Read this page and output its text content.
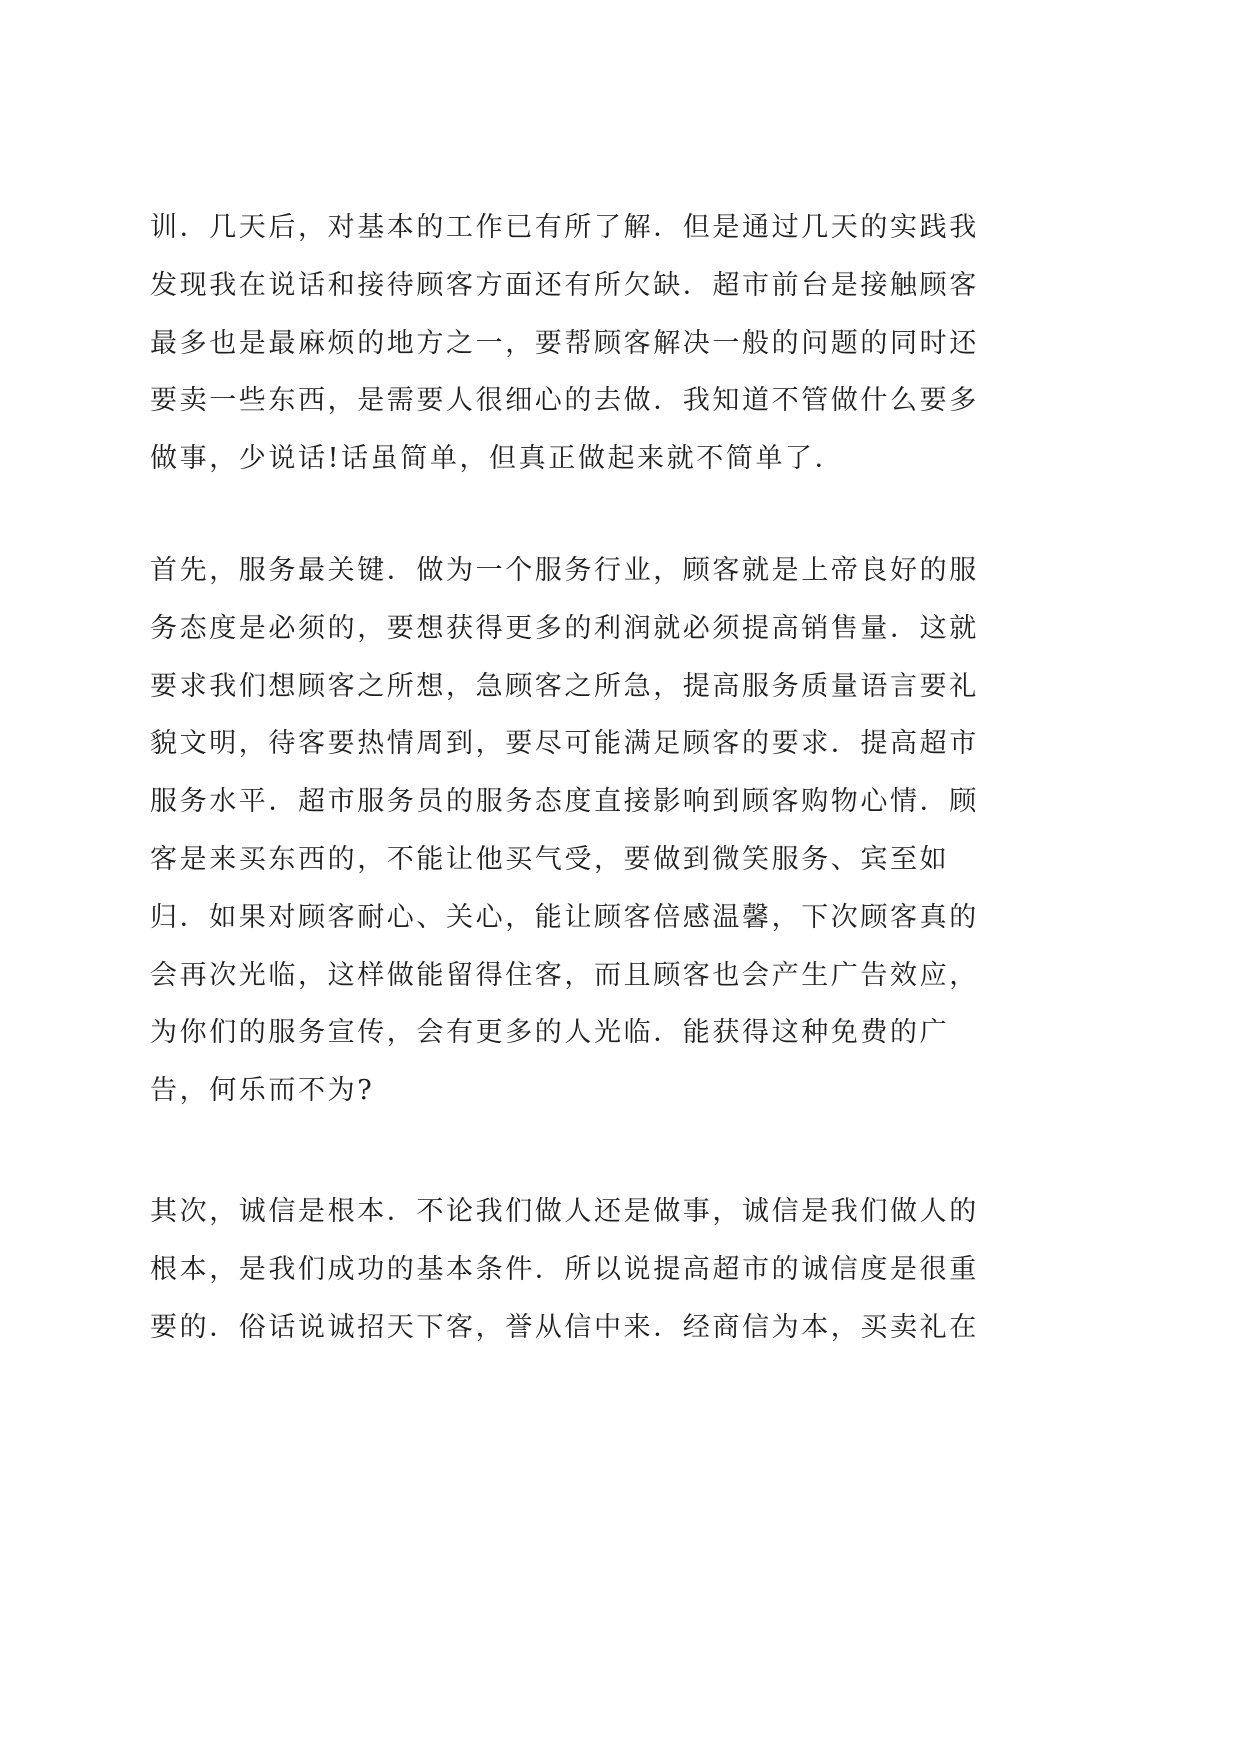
训．几天后，对基本的工作已有所了解．但是通过几天的实践我
发现我在说话和接待顾客方面还有所欠缺．超市前台是接触顾客
最多也是最麻烦的地方之一，要帮顾客解决一般的问题的同时还
要卖一些东西，是需要人很细心的去做．我知道不管做什么要多
做事，少说话!话虽简单，但真正做起来就不简单了．
首先，服务最关键．做为一个服务行业，顾客就是上帝良好的服
务态度是必须的，要想获得更多的利润就必须提高销售量．这就
要求我们想顾客之所想，急顾客之所急，提高服务质量语言要礼
貌文明，待客要热情周到，要尽可能满足顾客的要求．提高超市
服务水平．超市服务员的服务态度直接影响到顾客购物心情．顾
客是来买东西的，不能让他买气受，要做到微笑服务、宾至如
归．如果对顾客耐心、关心，能让顾客倍感温馨，下次顾客真的
会再次光临，这样做能留得住客，而且顾客也会产生广告效应，
为你们的服务宣传，会有更多的人光临．能获得这种免费的广
告，何乐而不为?
其次，诚信是根本．不论我们做人还是做事，诚信是我们做人的
根本，是我们成功的基本条件．所以说提高超市的诚信度是很重
要的．俗话说诚招天下客，誉从信中来．经商信为本，买卖礼在
